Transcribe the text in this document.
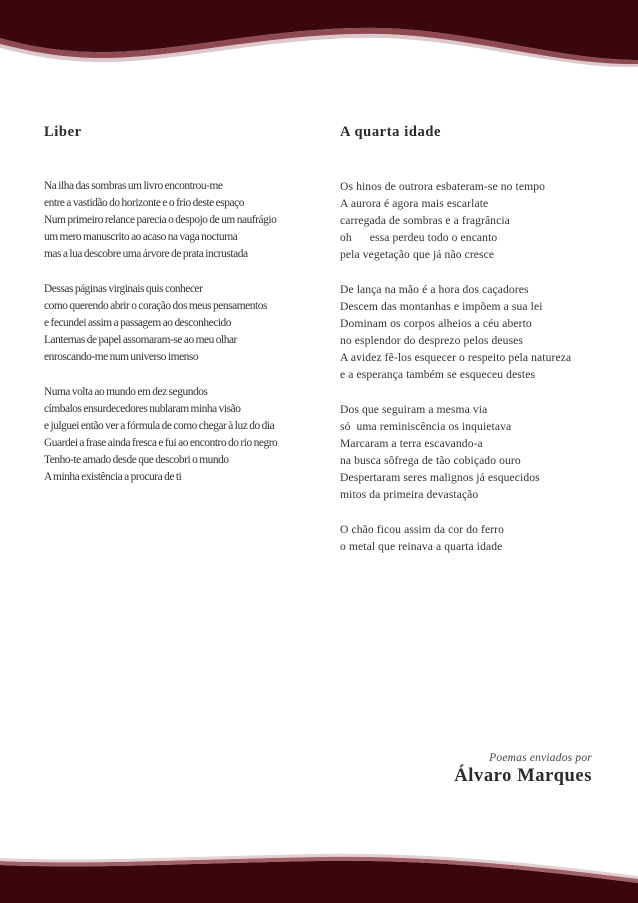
Liber
Na ilha das sombras um livro encontrou-me
entre a vastidão do horizonte e o frio deste espaço
Num primeiro relance parecia o despojo de um naufrágio
um mero manuscrito ao acaso na vaga nocturna
mas a lua descobre uma árvore de prata incrustada
Dessas páginas virginais quis conhecer
como querendo abrir o coração dos meus pensamentos
e fecundei assim a passagem ao desconhecido
Lanternas de papel assomaram-se ao meu olhar
enroscando-me num universo imenso
Numa volta ao mundo em dez segundos
címbalos ensurdecedores nublaram minha visão
e julguei então ver a fórmula de como chegar à luz do dia
Guardei a frase ainda fresca e fui ao encontro do rio negro
Tenho-te amado desde que descobri o mundo
A minha existência a procura de ti
A quarta idade
Os hinos de outrora esbateram-se no tempo
A aurora é agora mais escarlate
carregada de sombras e a fragrância
oh      essa perdeu todo o encanto
pela vegetação que já não cresce
De lança na mão é a hora dos caçadores
Descem das montanhas e impõem a sua lei
Dominam os corpos alheios a céu aberto
no esplendor do desprezo pelos deuses
A avidez fê-los esquecer o respeito pela natureza
e a esperança também se esqueceu destes
Dos que seguiram a mesma via
só  uma reminiscência os inquietava
Marcaram a terra escavando-a
na busca sôfrega de tão cobiçado ouro
Despertaram seres malignos já esquecidos
mitos da primeira devastação
O chão ficou assim da cor do ferro
o metal que reinava a quarta idade
Poemas enviados por
Álvaro Marques
